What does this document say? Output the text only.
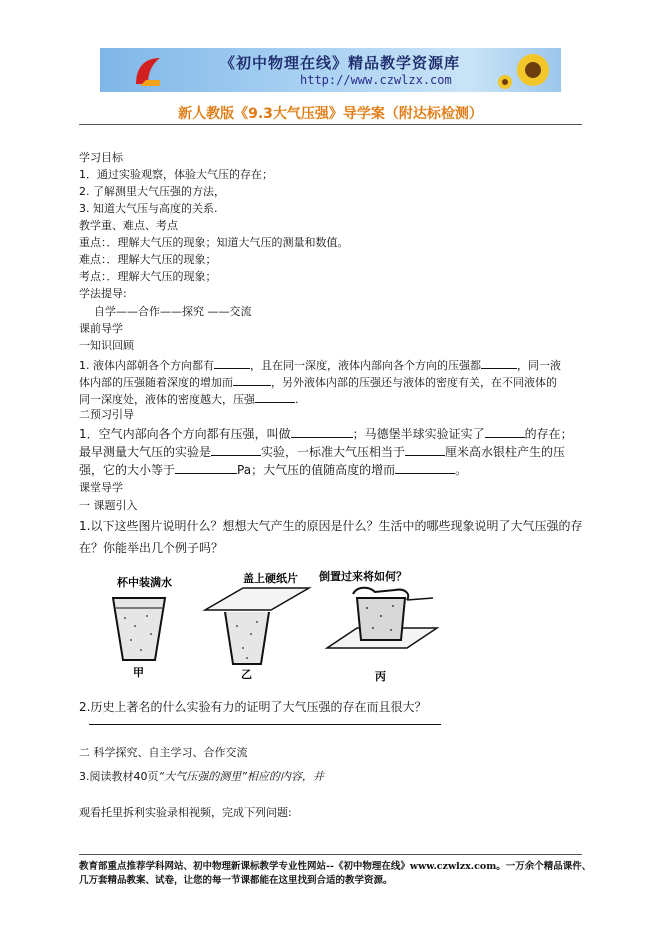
《初中物理在线》精品教学资源库
http://www.czwlzx.com
新人教版《9.3大气压强》导学案（附达标检测）
学习目标
1．通过实验观察，体验大气压的存在；
2. 了解测里大气压强的方法，
3. 知道大气压与高度的关系.
教学重、难点、考点
重点：．理解大气压的现象；知道大气压的测量和数值。
难点：．理解大气压的现象；
考点：．理解大气压的现象；
学法提导:
自学——合作——探究 ——交流
课前导学
一知识回顾
1. 液体内部朝各个方向都有	，且在同一深度，液体内部向各个方向的压强都	，同一液
体内部的压强随着深度的增加而	，另外液体内部的压强还与液体的密度有关，在不同液体的
同一深度处，液体的密度越大，压强	.
二预习引导
1．空气内部向各个方向都有压强，叫做	；马德堡半球实验证实了	的存在；
最早测量大气压的实验是	实验，一标准大气压相当于	厘米高水银柱产生的压
强，它的大小等于	Pa；大气压的值随高度的增而	。
课堂导学
一 课题引入
1.以下这些图片说明什么？想想大气产生的原因是什么？生活中的哪些现象说明了大气压强的存
在？你能举出几个例子吗？
杯中装满水	盖上硬纸片 倒置过来将如何？
甲	乙	丙
2.历史上著名的什么实验有力的证明了大气压强的存在而且很大？
二 科学探究、自主学习、合作交流
3.阅读教材40页“大气压强的测里”相应的内容，并
观看托里拆利实验录相视频，完成下列问题:
教育部重点推荐学科网站、初中物理新课标教学专业性网站--《初中物理在线》www.czwlzx.com。一万余个精品课件、
几万套精品教案、试卷，让您的每一节课都能在这里找到合适的教学资源。
